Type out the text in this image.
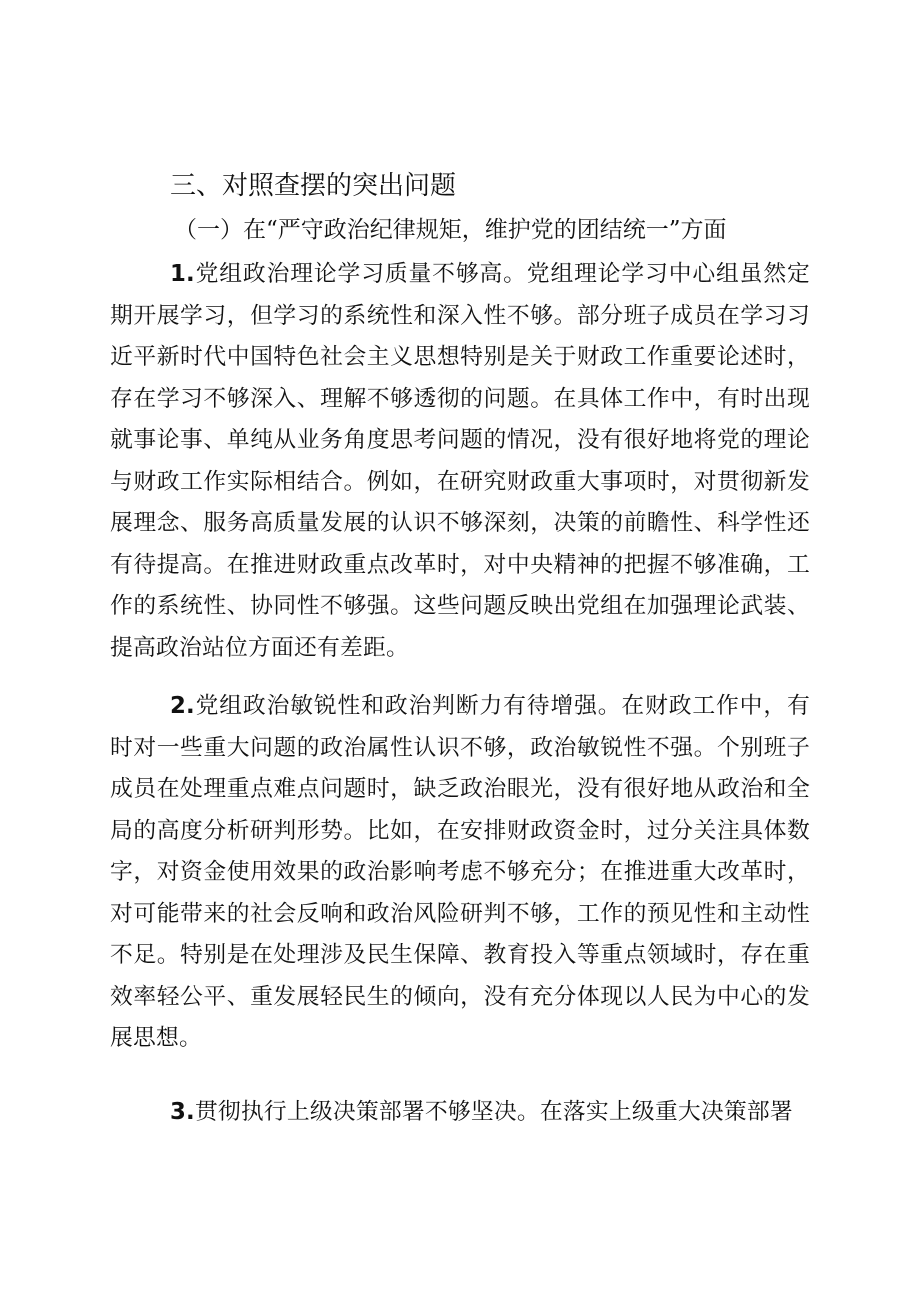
三、对照查摆的突出问题
（一）在“严守政治纪律规矩，维护党的团结统一”方面

1.党组政治理论学习质量不够高。党组理论学习中心组虽然定期开展学习，但学习的系统性和深入性不够。部分班子成员在学习习近平新时代中国特色社会主义思想特别是关于财政工作重要论述时，存在学习不够深入、理解不够透彻的问题。在具体工作中，有时出现就事论事、单纯从业务角度思考问题的情况，没有很好地将党的理论与财政工作实际相结合。例如，在研究财政重大事项时，对贯彻新发展理念、服务高质量发展的认识不够深刻，决策的前瞻性、科学性还有待提高。在推进财政重点改革时，对中央精神的把握不够准确，工作的系统性、协同性不够强。这些问题反映出党组在加强理论武装、提高政治站位方面还有差距。

2.党组政治敏锐性和政治判断力有待增强。在财政工作中，有时对一些重大问题的政治属性认识不够，政治敏锐性不强。个别班子成员在处理重点难点问题时，缺乏政治眼光，没有很好地从政治和全局的高度分析研判形势。比如，在安排财政资金时，过分关注具体数字，对资金使用效果的政治影响考虑不够充分；在推进重大改革时，对可能带来的社会反响和政治风险研判不够，工作的预见性和主动性不足。特别是在处理涉及民生保障、教育投入等重点领域时，存在重效率轻公平、重发展轻民生的倾向，没有充分体现以人民为中心的发展思想。

3.贯彻执行上级决策部署不够坚决。在落实上级重大决策部署
